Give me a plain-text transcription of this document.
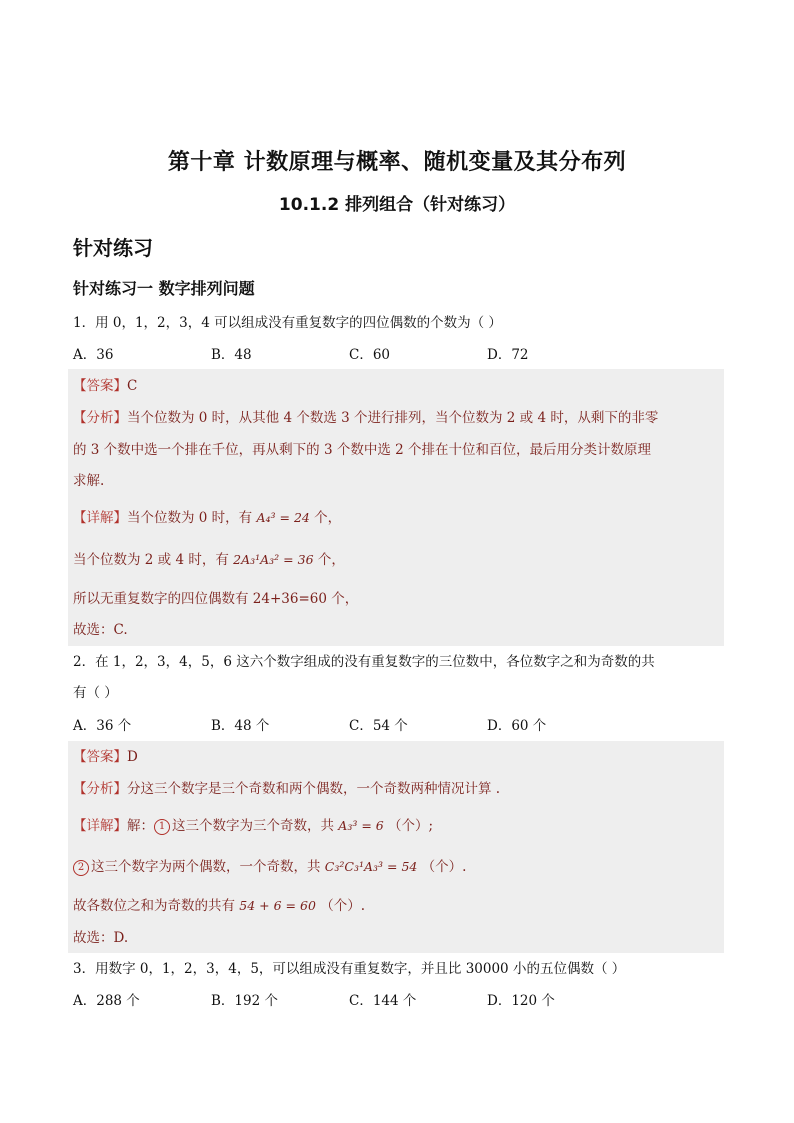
第十章 计数原理与概率、随机变量及其分布列
10.1.2 排列组合（针对练习）
针对练习
针对练习一 数字排列问题
1．用 0，1，2，3，4 可以组成没有重复数字的四位偶数的个数为（ ）
A．36	B．48	C．60	D．72
【答案】C
【分析】当个位数为 0 时，从其他 4 个数选 3 个进行排列，当个位数为 2 或 4 时，从剩下的非零
的 3 个数中选一个排在千位，再从剩下的 3 个数中选 2 个排在十位和百位，最后用分类计数原理
求解.
【详解】当个位数为 0 时，有 A₄³ = 24 个，
当个位数为 2 或 4 时，有 2A₃¹A₃² = 36 个，
所以无重复数字的四位偶数有 24+36=60 个，
故选：C.
2．在 1，2，3，4，5，6 这六个数字组成的没有重复数字的三位数中，各位数字之和为奇数的共
有（ ）
A．36 个	B．48 个	C．54 个	D．60 个
【答案】D
【分析】分这三个数字是三个奇数和两个偶数，一个奇数两种情况计算 .
【详解】解： 1 这三个数字为三个奇数，共 A₃³ = 6 （个）;
2 这三个数字为两个偶数，一个奇数，共 C₃²C₃¹A₃³ = 54 （个）.
故各数位之和为奇数的共有 54 + 6 = 60 （个）.
故选：D.
3．用数字 0，1，2，3，4，5，可以组成没有重复数字，并且比 30000 小的五位偶数（ ）
A．288 个	B．192 个	C．144 个	D．120 个
